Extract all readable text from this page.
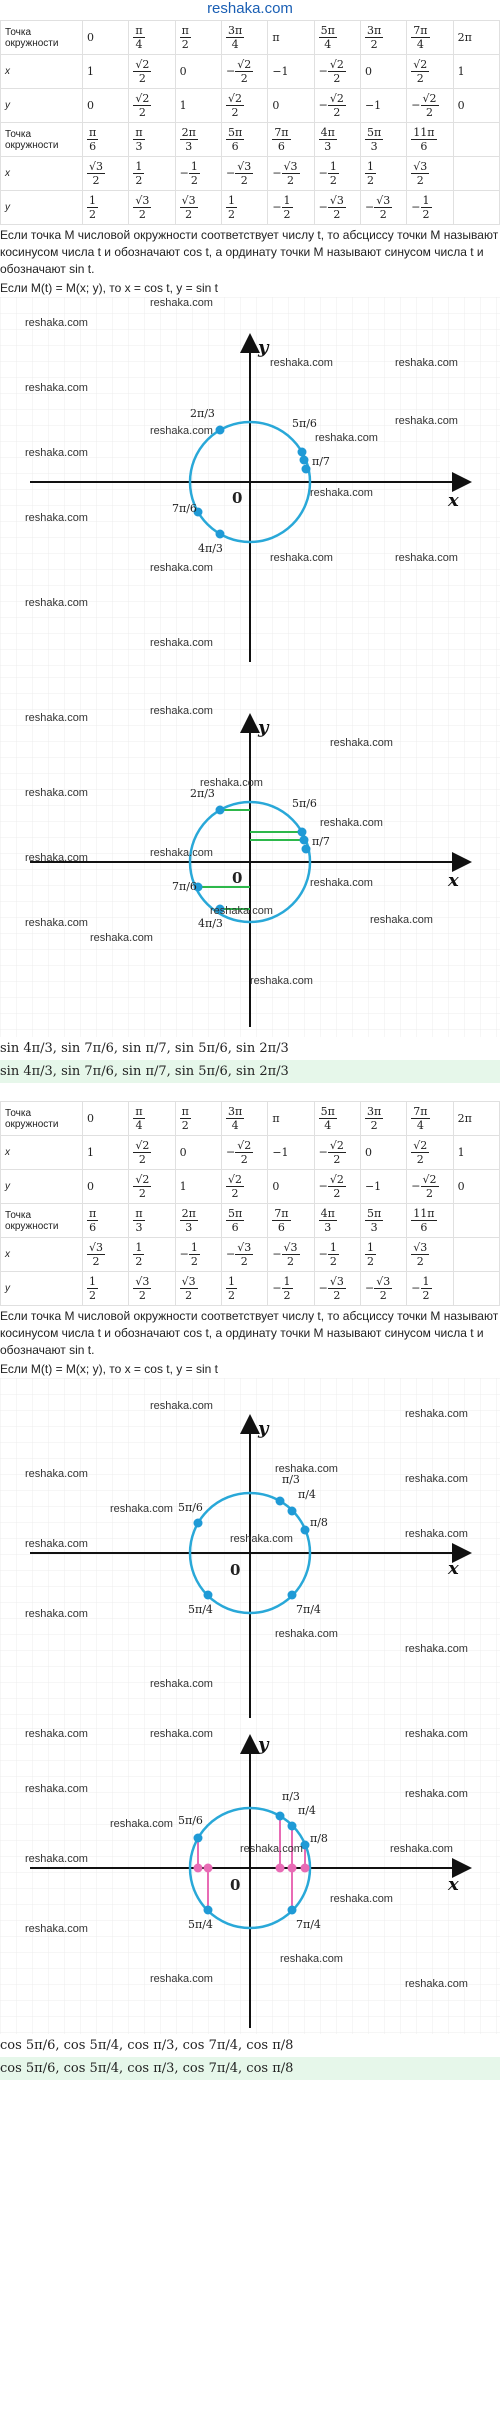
reshaka.com
Точка окружности	0	$\frac{\pi}{4}$	$\frac{\pi}{2}$	$\frac{3\pi}{4}$	π	$\frac{5\pi}{4}$	$\frac{3\pi}{2}$	$\frac{7\pi}{4}$	2π
x	1	$\frac{√2}{2}$	0	− $\frac{√2}{2}$	−1	− $\frac{√2}{2}$	0	$\frac{√2}{2}$	1
y	0	$\frac{√2}{2}$	1	$\frac{√2}{2}$	0	− $\frac{√2}{2}$	−1	− $\frac{√2}{2}$	0
Точка окружности	$\frac{\pi}{6}$	$\frac{\pi}{3}$	$\frac{2\pi}{3}$	$\frac{5\pi}{6}$	$\frac{7\pi}{6}$	$\frac{4\pi}{3}$	$\frac{5\pi}{3}$	$\frac{11\pi}{6}$

x	$\frac{√3}{2}$	$\frac{1}{2}$	− $\frac{1}{2}$	− $\frac{√3}{2}$	− $\frac{√3}{2}$	− $\frac{1}{2}$	$\frac{1}{2}$	$\frac{√3}{2}$

y	$\frac{1}{2}$	$\frac{√3}{2}$	$\frac{√3}{2}$	$\frac{1}{2}$	− $\frac{1}{2}$	− $\frac{√3}{2}$	− $\frac{√3}{2}$	− $\frac{1}{2}$

Если точка M числовой окружности соответствует числу t, то абсциссу точки M называют косинусом числа t и обозначают cos t, а ординату точки M называют синусом числа t и обозначают sin t.
Если M(t) = M(x; y), то x = cos t, y = sin t
x
y
0
2π/3
5π/6
π/7
7π/6
4π/3
reshaka.com
reshaka.com
reshaka.com	reshaka.com
reshaka.com
reshaka.com
reshaka.com
reshaka.com
reshaka.com
reshaka.com
reshaka.com
reshaka.com
reshaka.com	reshaka.com
reshaka.com
reshaka.com
x
y
0
2π/3
5π/6
π/7
7π/6
4π/3
reshaka.com
reshaka.com
reshaka.com
reshaka.com
reshaka.com
reshaka.com
reshaka.com	reshaka.com
reshaka.com
reshaka.com
reshaka.com
reshaka.com
reshaka.com
reshaka.com
sin 4π/3, sin 7π/6, sin π/7, sin 5π/6, sin 2π/3
sin 4π/3, sin 7π/6, sin π/7, sin 5π/6, sin 2π/3
Точка окружности	0	$\frac{\pi}{4}$	$\frac{\pi}{2}$	$\frac{3\pi}{4}$	π	$\frac{5\pi}{4}$	$\frac{3\pi}{2}$	$\frac{7\pi}{4}$	2π
x	1	$\frac{√2}{2}$	0	− $\frac{√2}{2}$	−1	− $\frac{√2}{2}$	0	$\frac{√2}{2}$	1
y	0	$\frac{√2}{2}$	1	$\frac{√2}{2}$	0	− $\frac{√2}{2}$	−1	− $\frac{√2}{2}$	0
Точка окружности	$\frac{\pi}{6}$	$\frac{\pi}{3}$	$\frac{2\pi}{3}$	$\frac{5\pi}{6}$	$\frac{7\pi}{6}$	$\frac{4\pi}{3}$	$\frac{5\pi}{3}$	$\frac{11\pi}{6}$

x	$\frac{√3}{2}$	$\frac{1}{2}$	− $\frac{1}{2}$	− $\frac{√3}{2}$	− $\frac{√3}{2}$	− $\frac{1}{2}$	$\frac{1}{2}$	$\frac{√3}{2}$

y	$\frac{1}{2}$	$\frac{√3}{2}$	$\frac{√3}{2}$	$\frac{1}{2}$	− $\frac{1}{2}$	− $\frac{√3}{2}$	− $\frac{√3}{2}$	− $\frac{1}{2}$

Если точка M числовой окружности соответствует числу t, то абсциссу точки M называют косинусом числа t и обозначают cos t, а ординату точки M называют синусом числа t и обозначают sin t.
Если M(t) = M(x; y), то x = cos t, y = sin t
x
y
0
5π/6
π/3
π/4
π/8
5π/4	7π/4
reshaka.com
reshaka.com
reshaka.com	reshaka.com
reshaka.com
reshaka.com
reshaka.com
reshaka.com
reshaka.com
reshaka.com
reshaka.com
reshaka.com
reshaka.com
x
y
0
5π/6
π/3
π/4
π/8
5π/4	7π/4
reshaka.com	reshaka.com	reshaka.com
reshaka.com	reshaka.com
reshaka.com
reshaka.com	reshaka.com
reshaka.com
reshaka.com
reshaka.com
reshaka.com
reshaka.com	reshaka.com
cos 5π/6, cos 5π/4, cos π/3, cos 7π/4, cos π/8
cos 5π/6, cos 5π/4, cos π/3, cos 7π/4, cos π/8
